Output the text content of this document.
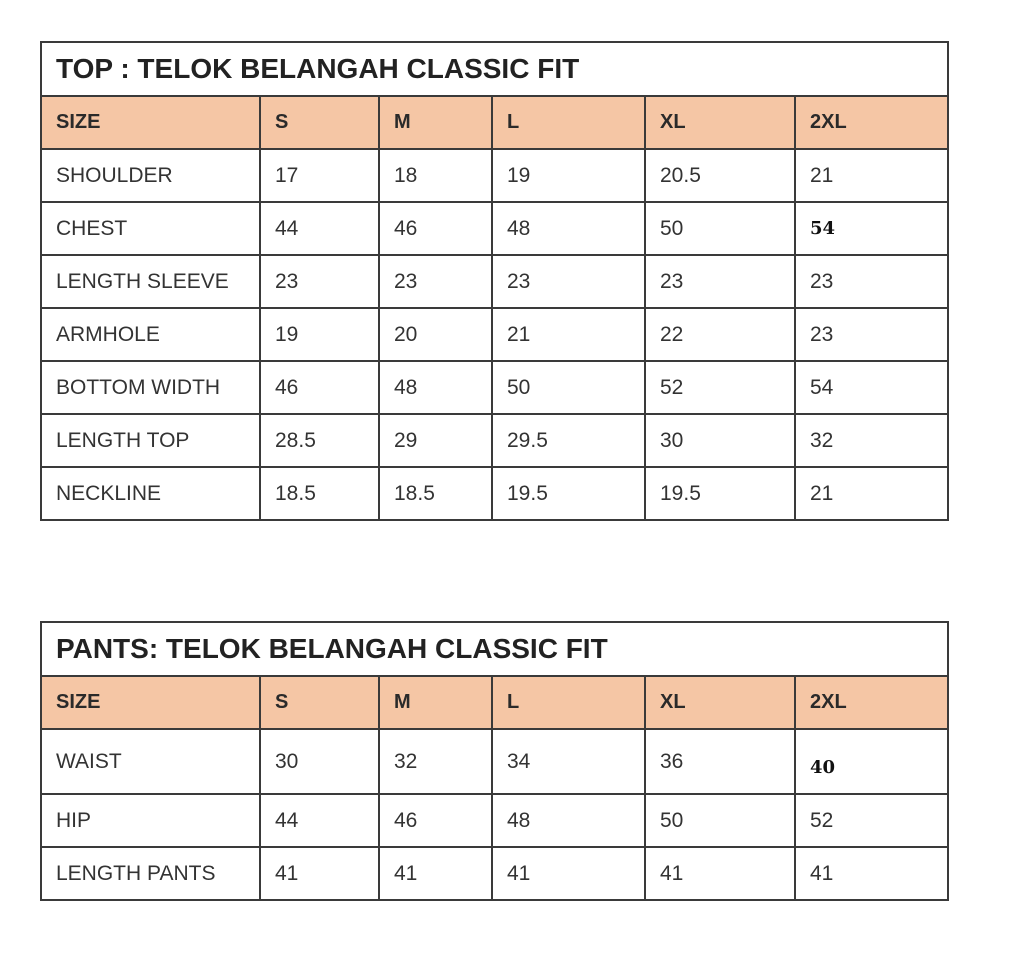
TOP : TELOK BELANGAH CLASSIC FIT					
SIZE	S	M	L	XL	2XL
SHOULDER	17	18	19	20.5	21
CHEST	44	46	48	50	54
LENGTH SLEEVE	23	23	23	23	23
ARMHOLE	19	20	21	22	23
BOTTOM WIDTH	46	48	50	52	54
LENGTH TOP	28.5	29	29.5	30	32
NECKLINE	18.5	18.5	19.5	19.5	21
PANTS: TELOK BELANGAH CLASSIC FIT					
SIZE	S	M	L	XL	2XL
WAIST	30	32	34	36	40
HIP	44	46	48	50	52
LENGTH PANTS	41	41	41	41	41
